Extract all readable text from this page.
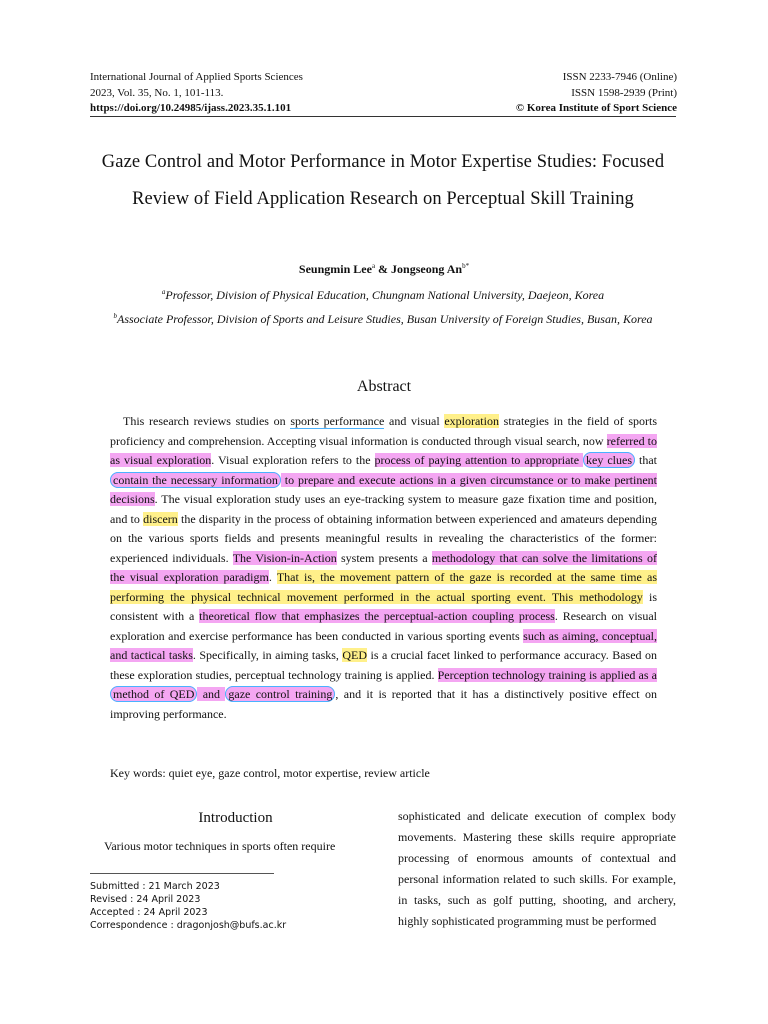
International Journal of Applied Sports Sciences
2023, Vol. 35, No. 1, 101-113.
https://doi.org/10.24985/ijass.2023.35.1.101
ISSN 2233-7946 (Online)
ISSN 1598-2939 (Print)
© Korea Institute of Sport Science
Gaze Control and Motor Performance in Motor Expertise Studies: Focused Review of Field Application Research on Perceptual Skill Training
Seungmin Lee$^a$ & Jongseong $An^{b*}$
$^a$Professor, Division of Physical Education, Chungnam National University, Daejeon, Korea
$^b$Associate Professor, Division of Sports and Leisure Studies, Busan University of Foreign Studies, Busan, Korea
Abstract
This research reviews studies on sports performance and visual exploration strategies in the field of sports proficiency and comprehension. Accepting visual information is conducted through visual search, now referred to as visual exploration. Visual exploration refers to the process of paying attention to appropriate key clues that contain the necessary information to prepare and execute actions in a given circumstance or to make pertinent decisions. The visual exploration study uses an eye-tracking system to measure gaze fixation time and position, and to discern the disparity in the process of obtaining information between experienced and amateurs depending on the various sports fields and presents meaningful results in revealing the characteristics of the former: experienced individuals. The Vision-in-Action system presents a methodology that can solve the limitations of the visual exploration paradigm. That is, the movement pattern of the gaze is recorded at the same time as performing the physical technical movement performed in the actual sporting event. This methodology is consistent with a theoretical flow that emphasizes the perceptual-action coupling process. Research on visual exploration and exercise performance has been conducted in various sporting events such as aiming, conceptual, and tactical tasks. Specifically, in aiming tasks, QED is a crucial facet linked to performance accuracy. Based on these exploration studies, perceptual technology training is applied. Perception technology training is applied as a method of QED and gaze control training , and it is reported that it has a distinctively positive effect on improving performance.
Key words: quiet eye, gaze control, motor expertise, review article
Introduction
Various motor techniques in sports often require
Submitted : 21 March 2023
Revised : 24 April 2023
Accepted : 24 April 2023
Correspondence : dragonjosh@bufs.ac.kr
sophisticated and delicate execution of complex body movements. Mastering these skills require appropriate processing of enormous amounts of contextual and personal information related to such skills. For example, in tasks, such as golf putting, shooting, and archery, highly sophisticated programming must be performed
